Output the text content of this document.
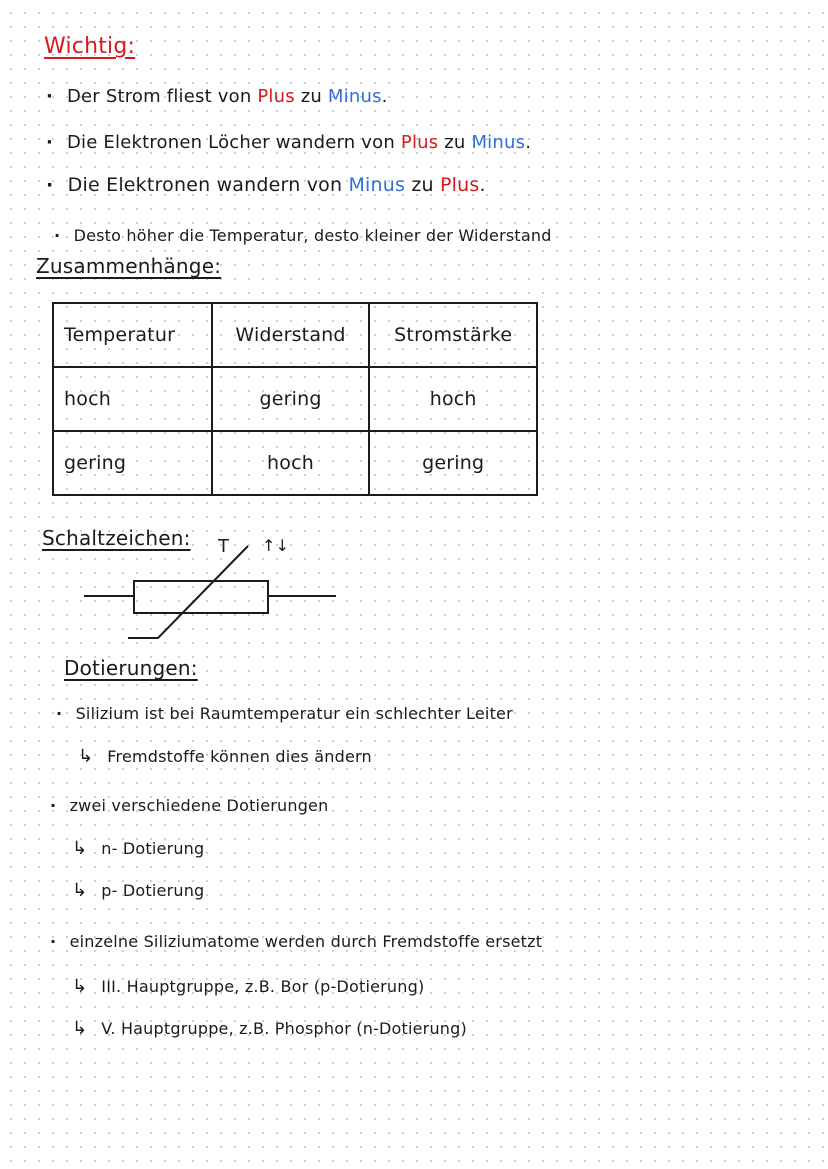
Wichtig:
· Der Strom fliest von Plus zu Minus.
· Die Elektronen Löcher wandern von Plus zu Minus.
· Die Elektronen wandern von Minus zu Plus.
· Desto höher die Temperatur, desto kleiner der Widerstand
Zusammenhänge:
Temperatur	Widerstand	Stromstärke
hoch	gering	hoch
gering	hoch	gering
Schaltzeichen: T ↑↓
Dotierungen:
· Silizium ist bei Raumtemperatur ein schlechter Leiter
↳ Fremdstoffe können dies ändern
· zwei verschiedene Dotierungen
↳ n- Dotierung
↳ p- Dotierung
· einzelne Siliziumatome werden durch Fremdstoffe ersetzt
↳ III. Hauptgruppe, z.B. Bor (p-Dotierung)
↳ V. Hauptgruppe, z.B. Phosphor (n-Dotierung)
